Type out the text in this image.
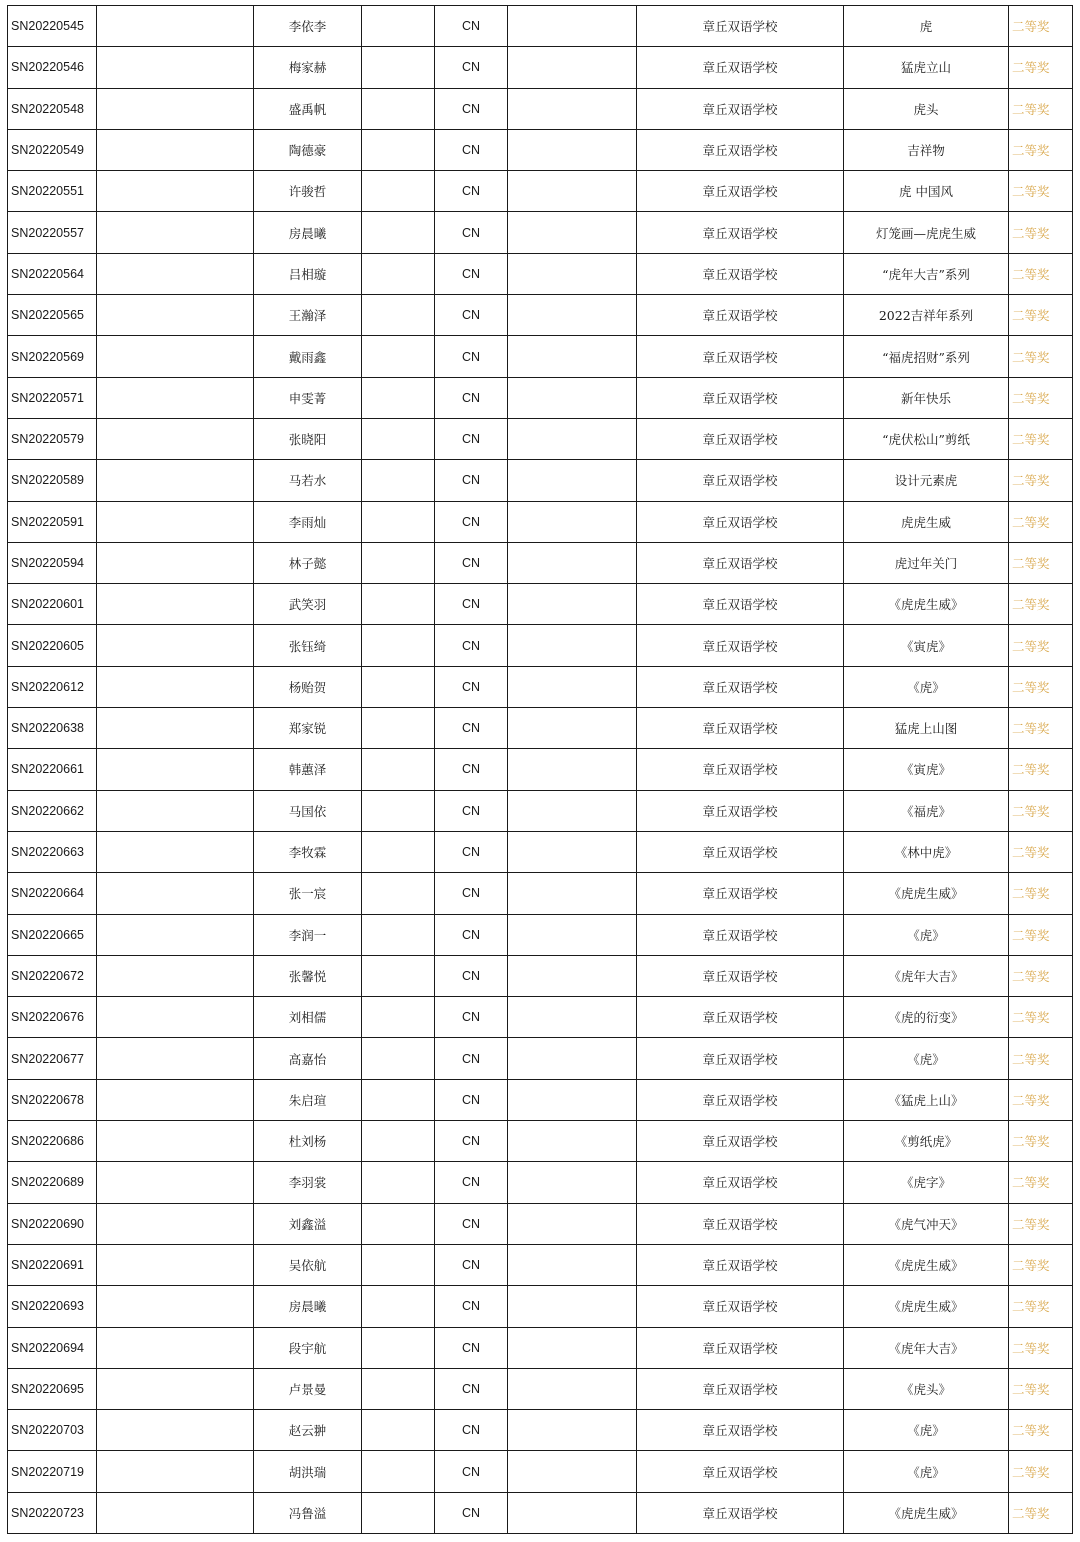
SN20220545		李依李		CN		章丘双语学校	虎	二等奖
SN20220546		梅家赫		CN		章丘双语学校	猛虎立山	二等奖
SN20220548		盛禹帆		CN		章丘双语学校	虎头	二等奖
SN20220549		陶德豪		CN		章丘双语学校	吉祥物	二等奖
SN20220551		许骏哲		CN		章丘双语学校	虎 中国风	二等奖
SN20220557		房晨曦		CN		章丘双语学校	灯笼画—虎虎生威	二等奖
SN20220564		吕相璇		CN		章丘双语学校	“虎年大吉”系列	二等奖
SN20220565		王瀚泽		CN		章丘双语学校	2022吉祥年系列	二等奖
SN20220569		戴雨鑫		CN		章丘双语学校	“福虎招财”系列	二等奖
SN20220571		申雯菁		CN		章丘双语学校	新年快乐	二等奖
SN20220579		张晓阳		CN		章丘双语学校	“虎伏松山”剪纸	二等奖
SN20220589		马若水		CN		章丘双语学校	设计元素虎	二等奖
SN20220591		李雨灿		CN		章丘双语学校	虎虎生威	二等奖
SN20220594		林子懿		CN		章丘双语学校	虎过年关门	二等奖
SN20220601		武笑羽		CN		章丘双语学校	《虎虎生威》	二等奖
SN20220605		张钰绮		CN		章丘双语学校	《寅虎》	二等奖
SN20220612		杨贻贺		CN		章丘双语学校	《虎》	二等奖
SN20220638		郑家锐		CN		章丘双语学校	猛虎上山图	二等奖
SN20220661		韩蕙泽		CN		章丘双语学校	《寅虎》	二等奖
SN20220662		马国依		CN		章丘双语学校	《福虎》	二等奖
SN20220663		李牧霖		CN		章丘双语学校	《林中虎》	二等奖
SN20220664		张一宸		CN		章丘双语学校	《虎虎生威》	二等奖
SN20220665		李润一		CN		章丘双语学校	《虎》	二等奖
SN20220672		张馨悦		CN		章丘双语学校	《虎年大吉》	二等奖
SN20220676		刘相儒		CN		章丘双语学校	《虎的衍变》	二等奖
SN20220677		高嘉怡		CN		章丘双语学校	《虎》	二等奖
SN20220678		朱启瑄		CN		章丘双语学校	《猛虎上山》	二等奖
SN20220686		杜刘杨		CN		章丘双语学校	《剪纸虎》	二等奖
SN20220689		李羽裳		CN		章丘双语学校	《虎字》	二等奖
SN20220690		刘鑫溢		CN		章丘双语学校	《虎气冲天》	二等奖
SN20220691		吴依航		CN		章丘双语学校	《虎虎生威》	二等奖
SN20220693		房晨曦		CN		章丘双语学校	《虎虎生威》	二等奖
SN20220694		段宇航		CN		章丘双语学校	《虎年大吉》	二等奖
SN20220695		卢景曼		CN		章丘双语学校	《虎头》	二等奖
SN20220703		赵云翀		CN		章丘双语学校	《虎》	二等奖
SN20220719		胡洪瑞		CN		章丘双语学校	《虎》	二等奖
SN20220723		冯鲁溢		CN		章丘双语学校	《虎虎生威》	二等奖
